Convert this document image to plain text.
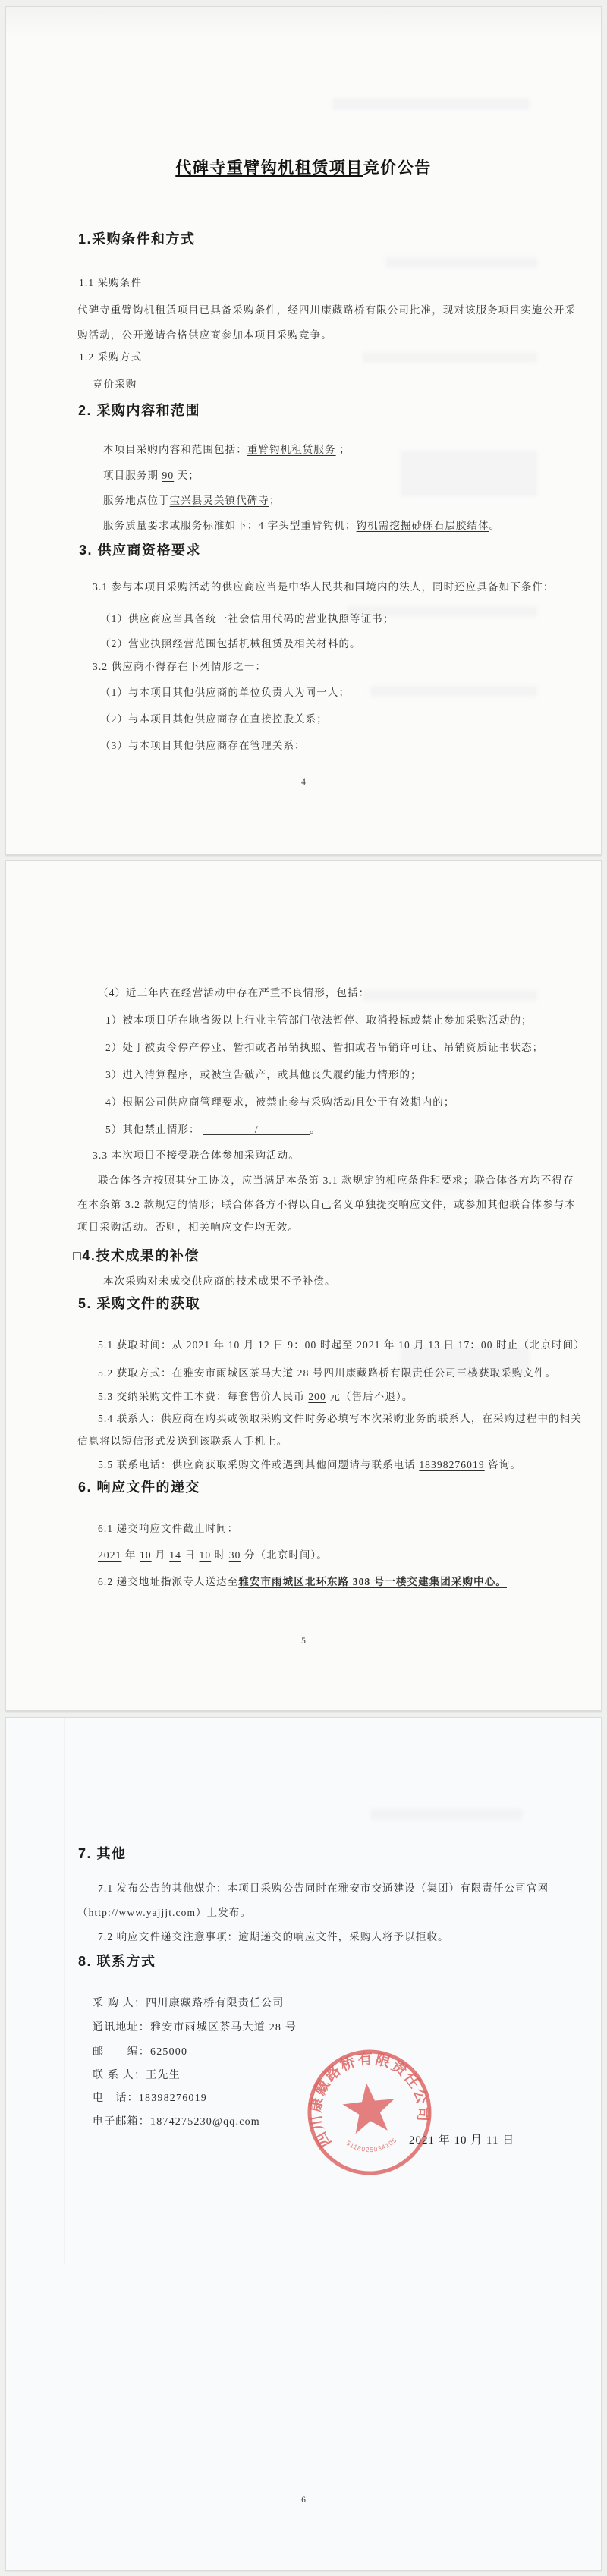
代碑寺重臂钩机租赁项目竞价公告
1.采购条件和方式
1.1 采购条件
代碑寺重臂钩机租赁项目已具备采购条件，经四川康藏路桥有限公司批准，现对该服务项目实施公开采
购活动，公开邀请合格供应商参加本项目采购竞争。
1.2 采购方式
竞价采购
2. 采购内容和范围
本项目采购内容和范围包括：重臂钩机租赁服务 ；
项目服务期 90 天；
服务地点位于宝兴县灵关镇代碑寺；
服务质量要求或服务标准如下：4 字头型重臂钩机；钩机需挖掘砂砾石层胶结体。
3. 供应商资格要求
3.1 参与本项目采购活动的供应商应当是中华人民共和国境内的法人，同时还应具备如下条件：
（1）供应商应当具备统一社会信用代码的营业执照等证书；
（2）营业执照经营范围包括机械租赁及相关材料的。
3.2 供应商不得存在下列情形之一：
（1）与本项目其他供应商的单位负责人为同一人；
（2）与本项目其他供应商存在直接控股关系；
（3）与本项目其他供应商存在管理关系：
4
（4）近三年内在经营活动中存在严重不良情形，包括：
1）被本项目所在地省级以上行业主管部门依法暂停、取消投标或禁止参加采购活动的；
2）处于被责令停产停业、暂扣或者吊销执照、暂扣或者吊销许可证、吊销资质证书状态；
3）进入清算程序，或被宣告破产，或其他丧失履约能力情形的；
4）根据公司供应商管理要求，被禁止参与采购活动且处于有效期内的；
5）其他禁止情形：	/	。
3.3 本次项目不接受联合体参加采购活动。
联合体各方按照其分工协议，应当满足本条第 3.1 款规定的相应条件和要求；联合体各方均不得存
在本条第 3.2 款规定的情形；联合体各方不得以自己名义单独提交响应文件，或参加其他联合体参与本
项目采购活动。否则，相关响应文件均无效。
□4.技术成果的补偿
本次采购对未成交供应商的技术成果不予补偿。
5. 采购文件的获取
5.1 获取时间：从 2021 年 10 月 12 日 9：00 时起至 2021 年 10 月 13 日 17：00 时止（北京时间）
5.2 获取方式：在雅安市雨城区茶马大道 28 号四川康藏路桥有限责任公司三楼获取采购文件。
5.3 交纳采购文件工本费：每套售价人民币 200 元（售后不退）。
5.4 联系人：供应商在购买或领取采购文件时务必填写本次采购业务的联系人，在采购过程中的相关
信息将以短信形式发送到该联系人手机上。
5.5 联系电话：供应商获取采购文件或遇到其他问题请与联系电话 18398276019 咨询。
6. 响应文件的递交
6.1 递交响应文件截止时间：
2021 年 10 月 14 日 10 时 30 分（北京时间）。
6.2 递交地址指派专人送达至雅安市雨城区北环东路 308 号一楼交建集团采购中心。
5
7. 其他
7.1 发布公告的其他媒介：本项目采购公告同时在雅安市交通建设（集团）有限责任公司官网
（http://www.yajjjt.com）上发布。
7.2 响应文件递交注意事项：逾期递交的响应文件，采购人将予以拒收。
8. 联系方式
采 购 人：四川康藏路桥有限责任公司
通讯地址：雅安市雨城区茶马大道 28 号
邮　　编：625000
联 系 人：王先生
电　话：18398276019
电子邮箱：1874275230@qq.com
四川康藏路桥有限责任公司
5118025034105 2021 年 10 月 11 日
6
